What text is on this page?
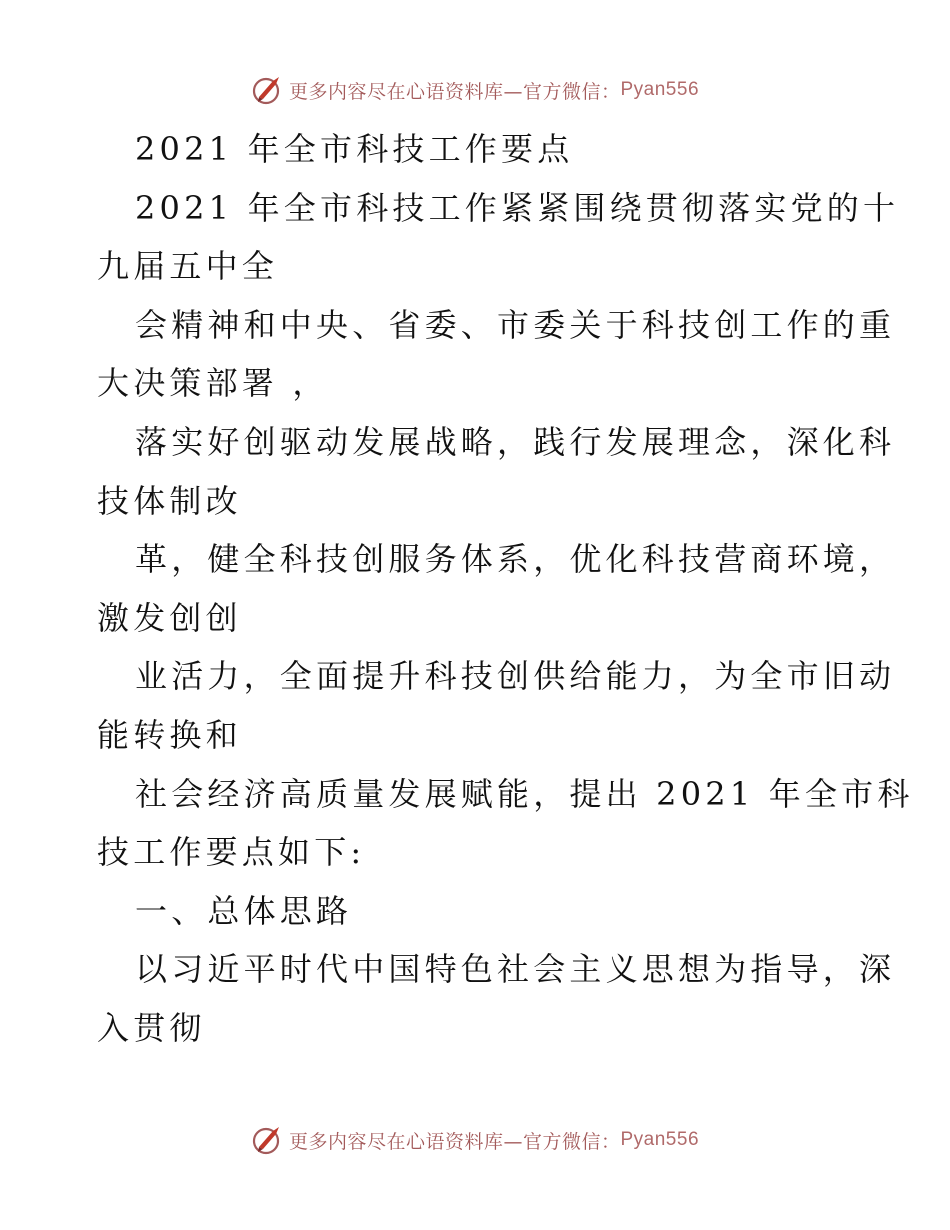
更多内容尽在心语资料库—官方微信： Pyan556
2021 年全市科技工作要点
2021 年全市科技工作紧紧围绕贯彻落实党的十
九届五中全
会精神和中央、省委、市委关于科技创工作的重
大决策部署 ，
落实好创驱动发展战略，践行发展理念，深化科
技体制改
革，健全科技创服务体系，优化科技营商环境，
激发创创
业活力，全面提升科技创供给能力，为全市旧动
能转换和
社会经济高质量发展赋能，提出 2021 年全市科
技工作要点如下:
一、总体思路
以习近平时代中国特色社会主义思想为指导，深
入贯彻
更多内容尽在心语资料库—官方微信： Pyan556
